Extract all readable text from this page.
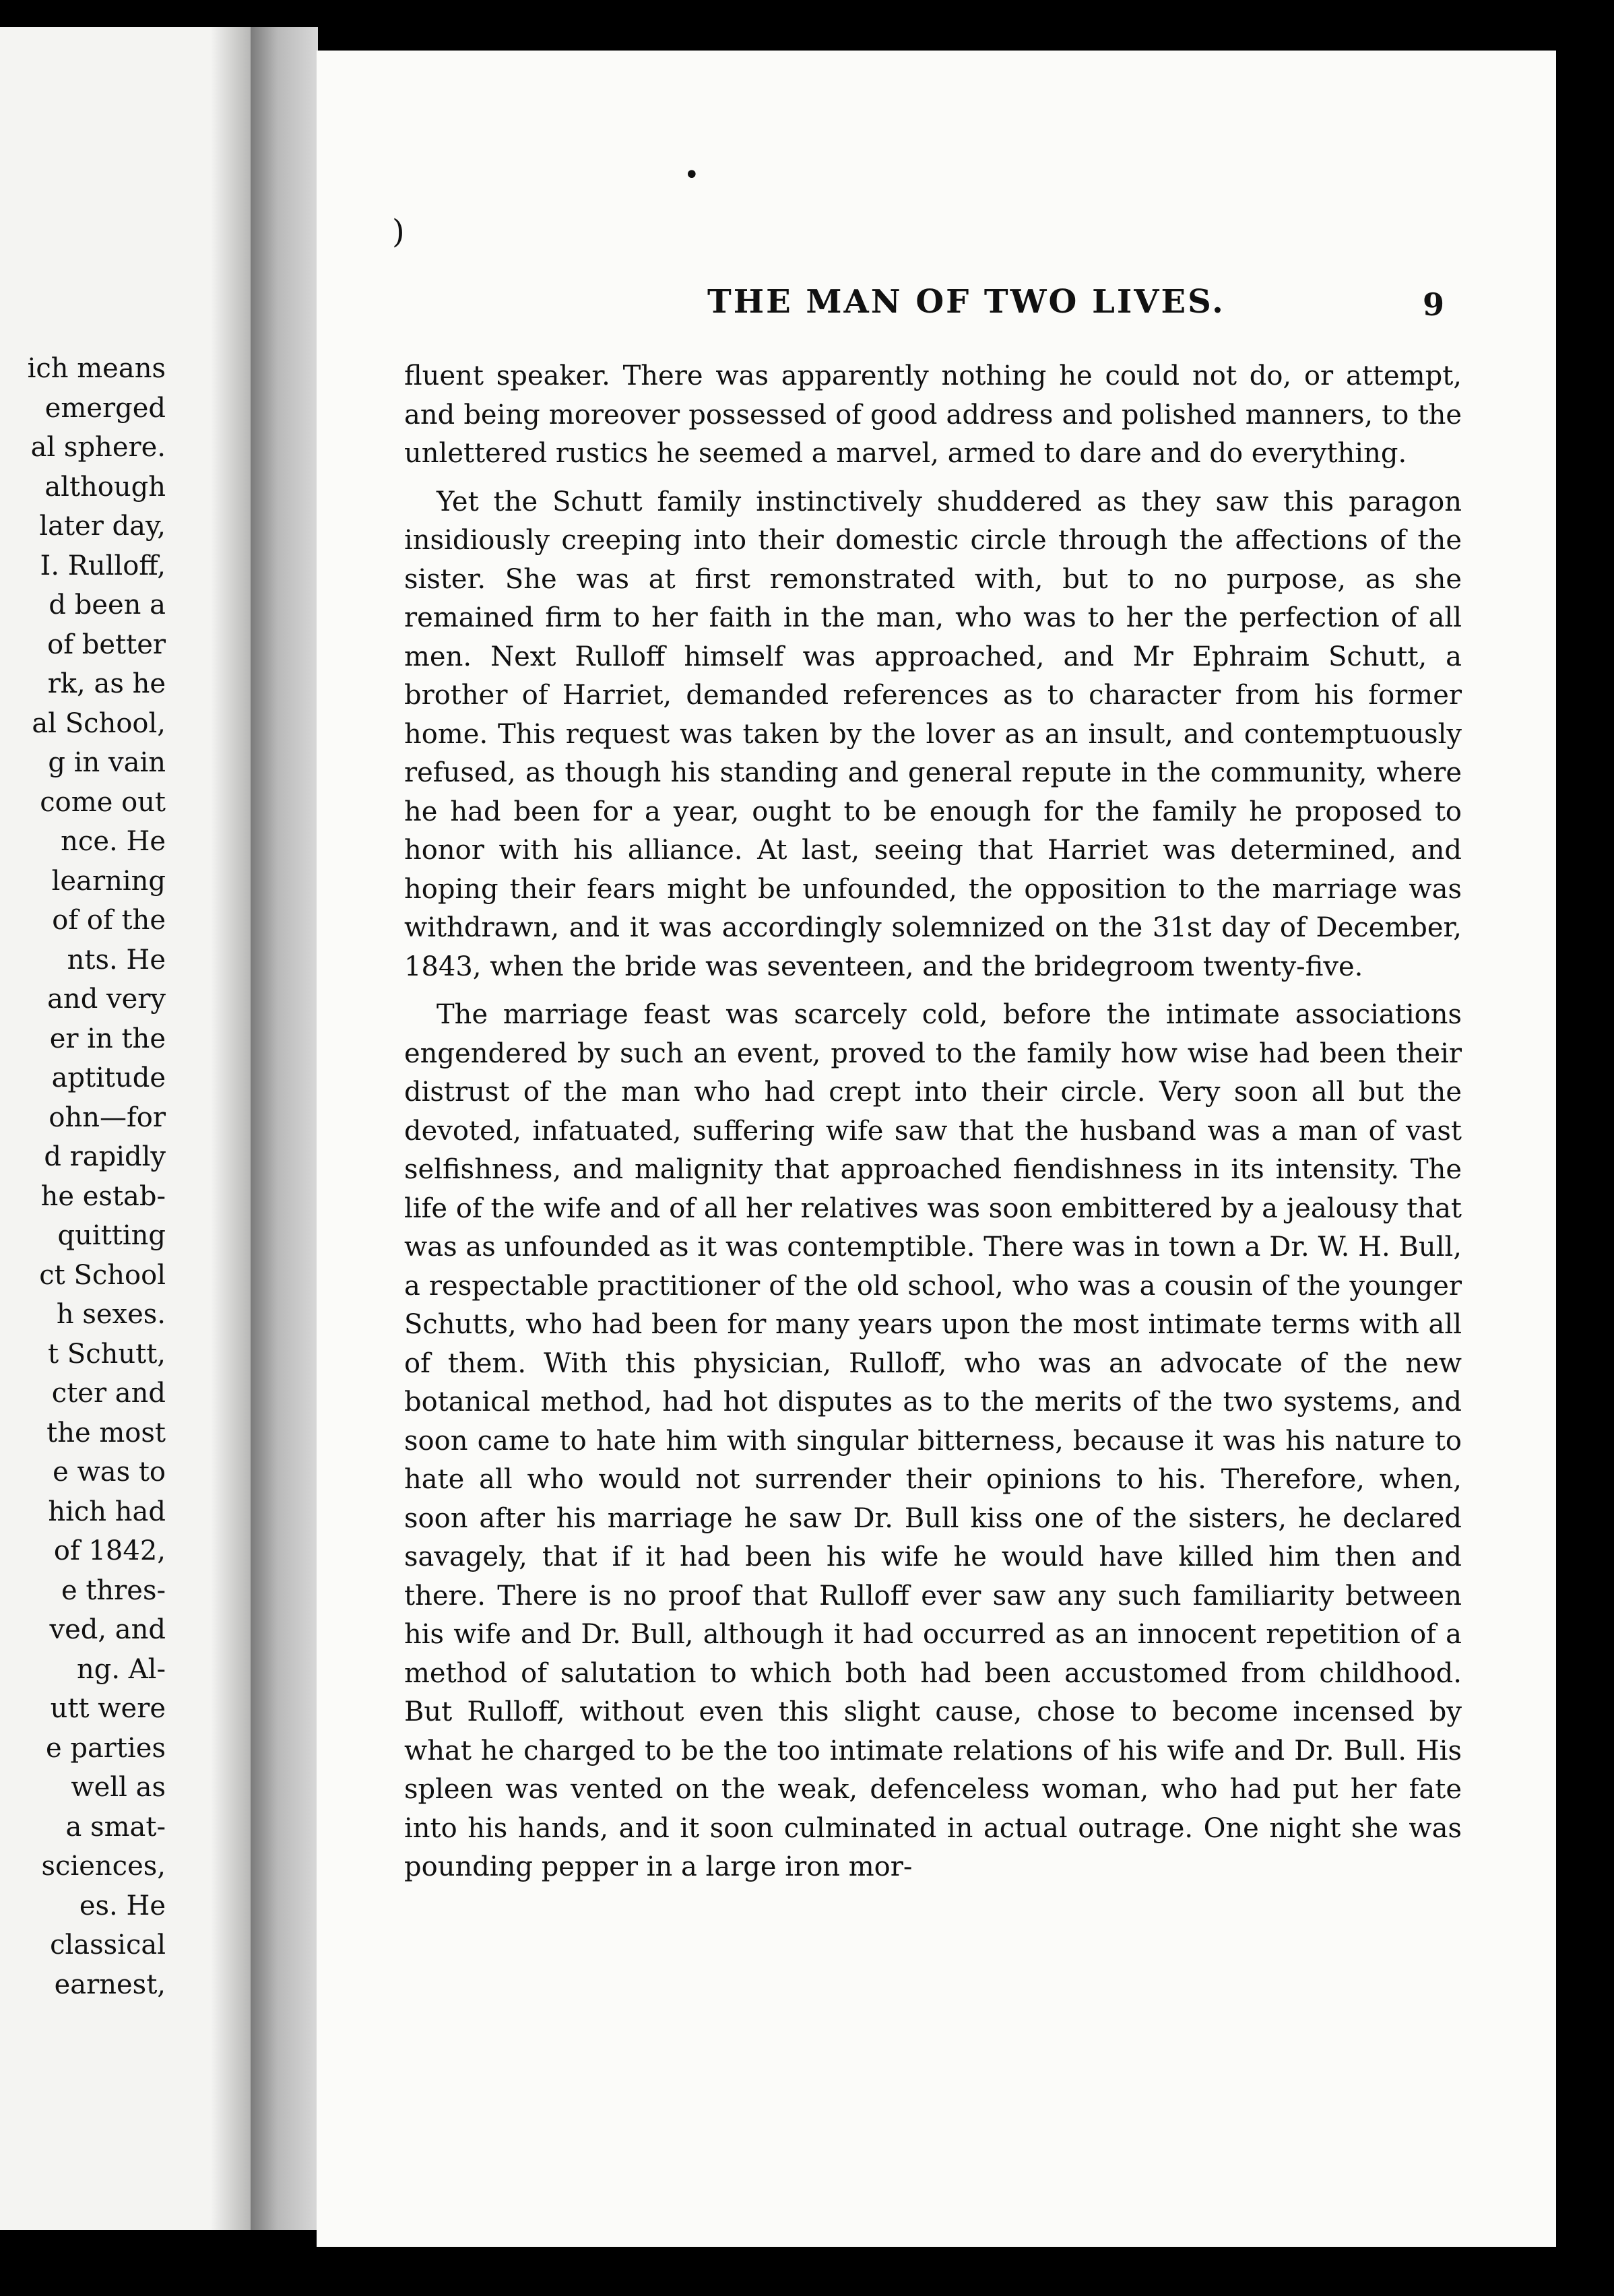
ich means
emerged
al sphere.
although
later day,
I. Rulloff,
d been a
of better
rk, as he
al School,
g in vain
come out
nce. He
learning
of of the
nts. He
and very
er in the
aptitude
ohn—for
d rapidly
he estab-
quitting
ct School
h sexes.
t Schutt,
cter and
the most
e was to
hich had
of 1842,
e thres-
ved, and
ng. Al-
utt were
e parties
well as
a smat-
sciences,
es. He
classical
earnest,
•
)
THE MAN OF TWO LIVES.	9

fluent speaker. There was apparently nothing he could not do, or attempt, and being moreover possessed of good address and polished manners, to the unlettered rustics he seemed a marvel, armed to dare and do everything.

Yet the Schutt family instinctively shuddered as they saw this paragon insidiously creeping into their domestic circle through the affections of the sister. She was at first remonstrated with, but to no purpose, as she remained firm to her faith in the man, who was to her the perfection of all men. Next Rulloff himself was approached, and Mr Ephraim Schutt, a brother of Harriet, demanded references as to character from his former home. This request was taken by the lover as an insult, and contemptuously refused, as though his standing and general repute in the community, where he had been for a year, ought to be enough for the family he proposed to honor with his alliance. At last, seeing that Harriet was determined, and hoping their fears might be unfounded, the opposition to the marriage was withdrawn, and it was accordingly solemnized on the 31st day of December, 1843, when the bride was seventeen, and the bridegroom twenty-five.

The marriage feast was scarcely cold, before the intimate associations engendered by such an event, proved to the family how wise had been their distrust of the man who had crept into their circle. Very soon all but the devoted, infatuated, suffering wife saw that the husband was a man of vast selfishness, and malignity that approached fiendishness in its intensity. The life of the wife and of all her relatives was soon embittered by a jealousy that was as unfounded as it was contemptible. There was in town a Dr. W. H. Bull, a respectable practitioner of the old school, who was a cousin of the younger Schutts, who had been for many years upon the most intimate terms with all of them. With this physician, Rulloff, who was an advocate of the new botanical method, had hot disputes as to the merits of the two systems, and soon came to hate him with singular bitterness, because it was his nature to hate all who would not surrender their opinions to his. Therefore, when, soon after his marriage he saw Dr. Bull kiss one of the sisters, he declared savagely, that if it had been his wife he would have killed him then and there. There is no proof that Rulloff ever saw any such familiarity between his wife and Dr. Bull, although it had occurred as an innocent repetition of a method of salutation to which both had been accustomed from childhood. But Rulloff, without even this slight cause, chose to become incensed by what he charged to be the too intimate relations of his wife and Dr. Bull. His spleen was vented on the weak, defenceless woman, who had put her fate into his hands, and it soon culminated in actual outrage. One night she was pounding pepper in a large iron mor-
